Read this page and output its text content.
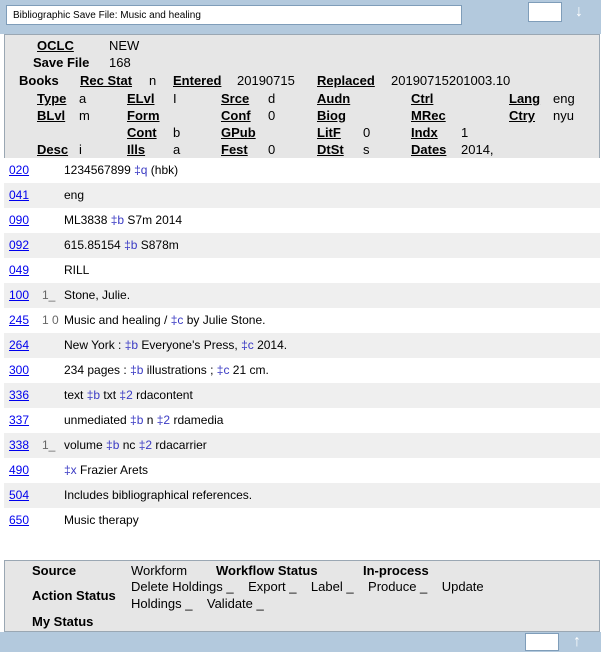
Bibliographic Save File: Music and healing	↓
OCLC	NEW
Save File 168
Books Rec Stat n Entered 20190715 Replaced 20190715201003.10
Type a	ELvl I	Srce d	Audn	Ctrl	Lang eng
BLvl m	Form	Conf 0	Biog	MRec	Ctry nyu
Cont b	GPub	LitF 0	Indx 1
Desc i	Ills a	Fest 0	DtSt s	Dates 2014,
020	1234567899 ‡q (hbk)
041	eng
090	ML3838 ‡b S7m 2014
092	615.85154 ‡b S878m
049	RILL
100 1_ Stone, Julie.
245 1 0 Music and healing / ‡c by Julie Stone.
264	New York : ‡b Everyone's Press, ‡c 2014.
300	234 pages : ‡b illustrations ; ‡c 21 cm.
336	text ‡b txt ‡2 rdacontent
337	unmediated ‡b n ‡2 rdamedia
338 1_ volume ‡b nc ‡2 rdacarrier
490	‡x Frazier Arets
504	Includes bibliographical references.
650	Music therapy
Source	Workform Workflow Status	In-process
Action Status
Delete Holdings _    Export _    Label _    Produce _    Update
Holdings _    Validate _
My Status
↑
